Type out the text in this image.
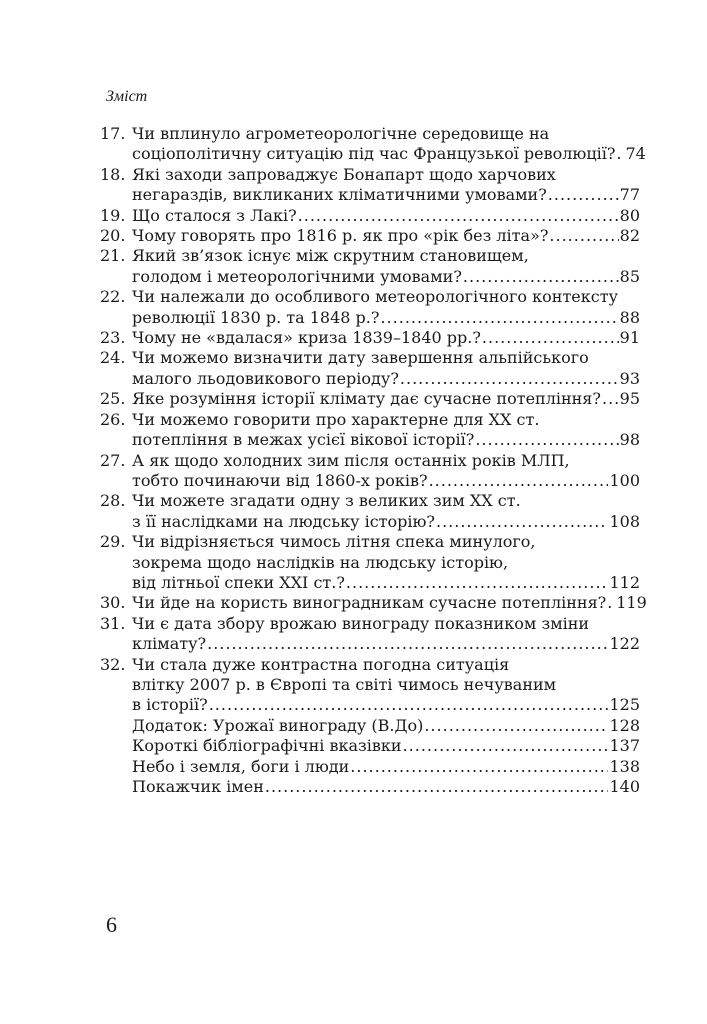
Зміст
17. Чи вплинуло агрометеорологічне середовище на
соціополітичну ситуацію під час Французької революції? ..... 74
18. Які заходи запроваджує Бонапарт щодо харчових
негараздів, викликаних кліматичними умовами? .....	77
19. Що сталося з Лакі? .....	80
20. Чому говорять про 1816 р. як про «рік без літа»? .....	82
21. Який зв’язок існує між скрутним становищем,
голодом і метеорологічними умовами? .....	85
22. Чи належали до особливого метеорологічного контексту
революції 1830 р. та 1848 р.? .....	88
23. Чому не «вдалася» криза 1839–1840 рр.? .....	91
24. Чи можемо визначити дату завершення альпійського
малого льодовикового періоду? .....	93
25. Яке розуміння історії клімату дає сучасне потепління? ..... 95
26. Чи можемо говорити про характерне для ХХ ст.
потепління в межах усієї вікової історії? .....	98
27. А як щодо холодних зим після останніх років МЛП,
тобто починаючи від 1860-х років? .....	100
28. Чи можете згадати одну з великих зим ХХ ст.
з її наслідками на людську історію? .....	108
29. Чи відрізняється чимось літня спека минулого,
зокрема щодо наслідків на людську історію,
від літньої спеки XXI ст.? .....	112
30. Чи йде на користь виноградникам сучасне потепління? ..... 119
31. Чи є дата збору врожаю винограду показником зміни
клімату? .....	122
32. Чи стала дуже контрастна погодна ситуація
влітку 2007 р. в Європі та світі чимось нечуваним
в історії? .....	125
Додаток: Урожаї винограду (В.До) .....	128
Короткі бібліографічні вказівки .....	137
Небо і земля, боги і люди .....	138
Покажчик імен .....	140
6
